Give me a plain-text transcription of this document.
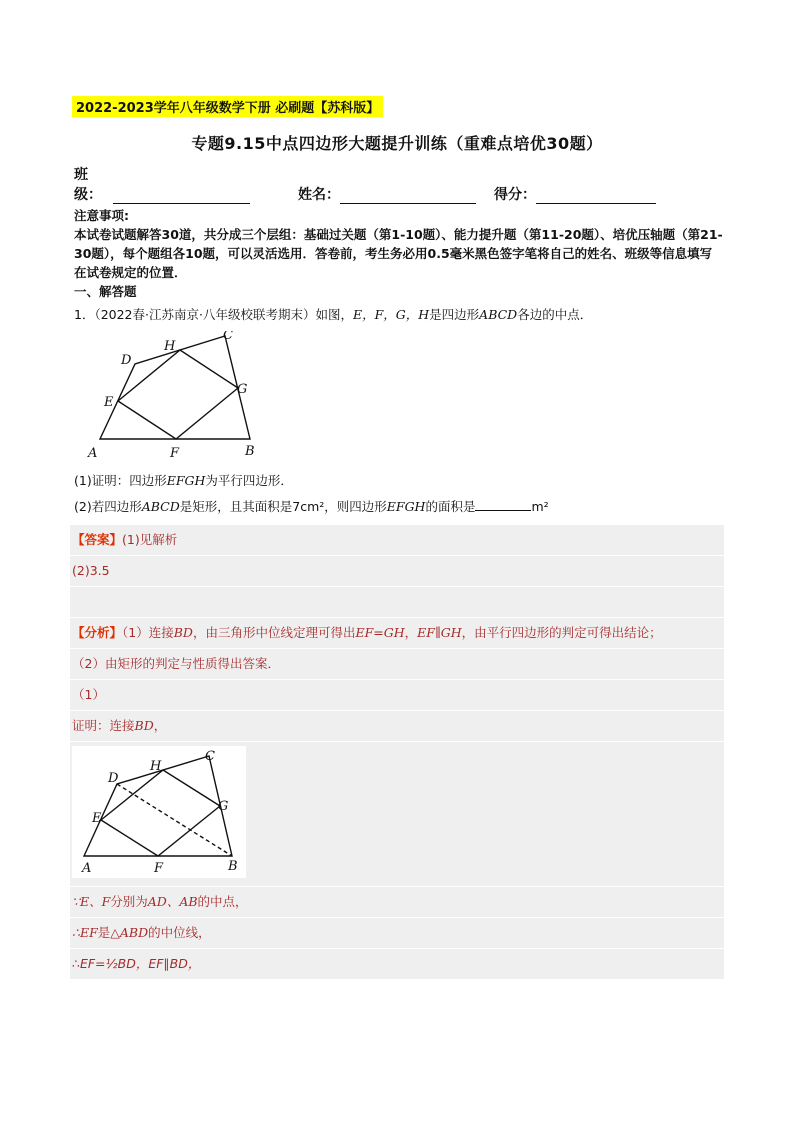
2022-2023学年八年级数学下册 必刷题【苏科版】
专题9.15中点四边形大题提升训练（重难点培优30题）
班级：	姓名：	得分：
注意事项:
本试卷试题解答30道，共分成三个层组：基础过关题（第1-10题）、能力提升题（第11-20题）、培优压轴题（第21-30题），每个题组各10题，可以灵活选用．答卷前，考生务必用0.5毫米黑色签字笔将自己的姓名、班级等信息填写在试卷规定的位置．
一、解答题
1．（2022春·江苏南京·八年级校联考期末）如图，E，F，G，H是四边形ABCD各边的中点．
A	B
C
D
E
F
G
H
(1)证明：四边形EFGH为平行四边形．
(2)若四边形ABCD是矩形，且其面积是7cm²，则四边形EFGH的面积是	m²
【答案】(1)见解析
(2)3.5
【分析】（1）连接BD，由三角形中位线定理可得出EF=GH，EF∥GH，由平行四边形的判定可得出结论；
（2）由矩形的判定与性质得出答案．
（1）
证明：连接BD，
A	B
C
D
E
F
G
H
∵E、F分别为AD、AB的中点，
∴EF是△ABD的中位线，
∴EF=½BD，EF∥BD，
